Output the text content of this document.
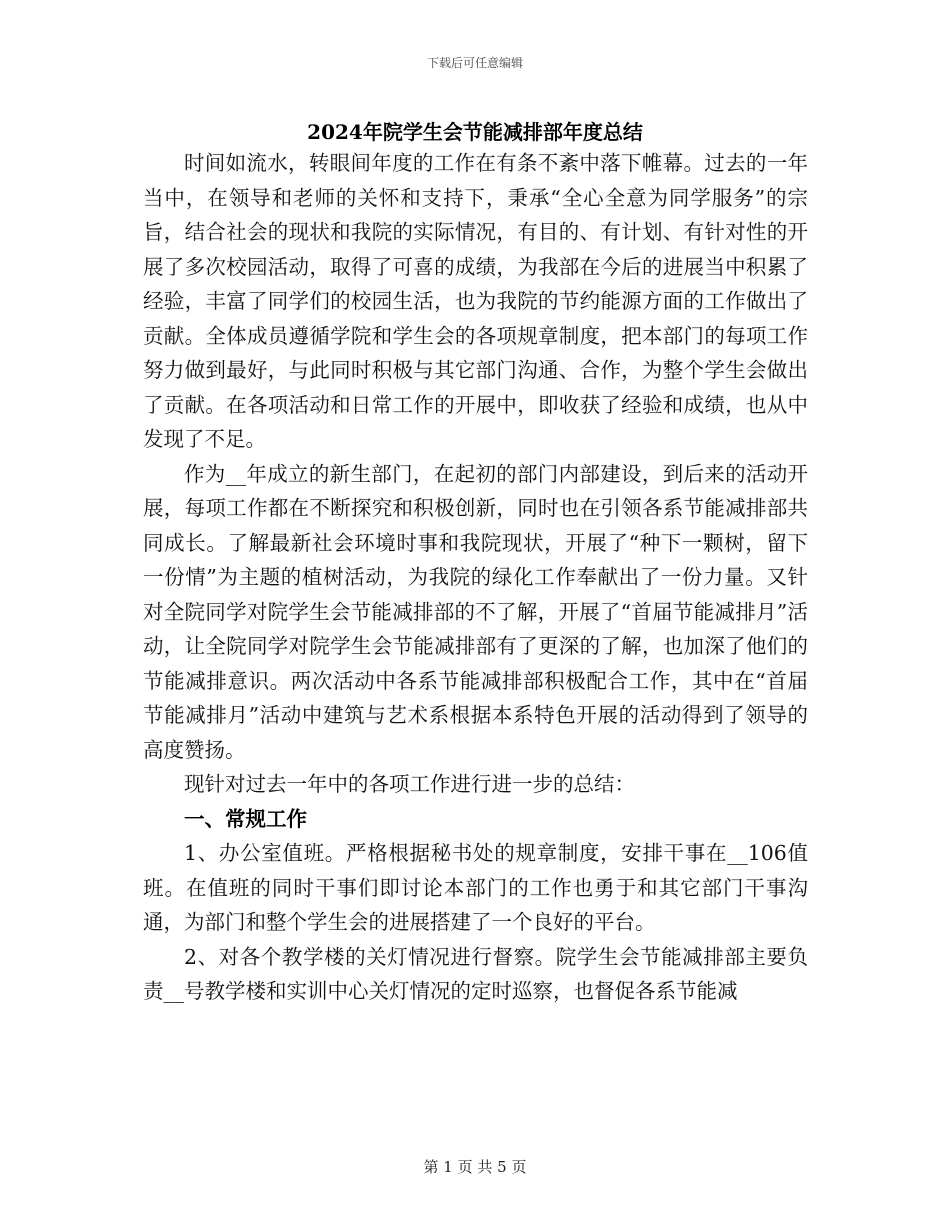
下载后可任意编辑
2024年院学生会节能减排部年度总结

时间如流水，转眼间年度的工作在有条不紊中落下帷幕。过去的一年当中，在领导和老师的关怀和支持下，秉承“全心全意为同学服务”的宗旨，结合社会的现状和我院的实际情况，有目的、有计划、有针对性的开展了多次校园活动，取得了可喜的成绩，为我部在今后的进展当中积累了经验，丰富了同学们的校园生活，也为我院的节约能源方面的工作做出了贡献。全体成员遵循学院和学生会的各项规章制度，把本部门的每项工作努力做到最好，与此同时积极与其它部门沟通、合作，为整个学生会做出了贡献。在各项活动和日常工作的开展中，即收获了经验和成绩，也从中发现了不足。

作为__年成立的新生部门，在起初的部门内部建设，到后来的活动开展，每项工作都在不断探究和积极创新，同时也在引领各系节能减排部共同成长。了解最新社会环境时事和我院现状，开展了“种下一颗树，留下一份情”为主题的植树活动，为我院的绿化工作奉献出了一份力量。又针对全院同学对院学生会节能减排部的不了解，开展了“首届节能减排月”活动，让全院同学对院学生会节能减排部有了更深的了解，也加深了他们的节能减排意识。两次活动中各系节能减排部积极配合工作，其中在“首届节能减排月”活动中建筑与艺术系根据本系特色开展的活动得到了领导的高度赞扬。

现针对过去一年中的各项工作进行进一步的总结：

一、常规工作

1、办公室值班。严格根据秘书处的规章制度，安排干事在__106值班。在值班的同时干事们即讨论本部门的工作也勇于和其它部门干事沟通，为部门和整个学生会的进展搭建了一个良好的平台。

2、对各个教学楼的关灯情况进行督察。院学生会节能减排部主要负责__号教学楼和实训中心关灯情况的定时巡察，也督促各系节能减

第 1 页 共 5 页
